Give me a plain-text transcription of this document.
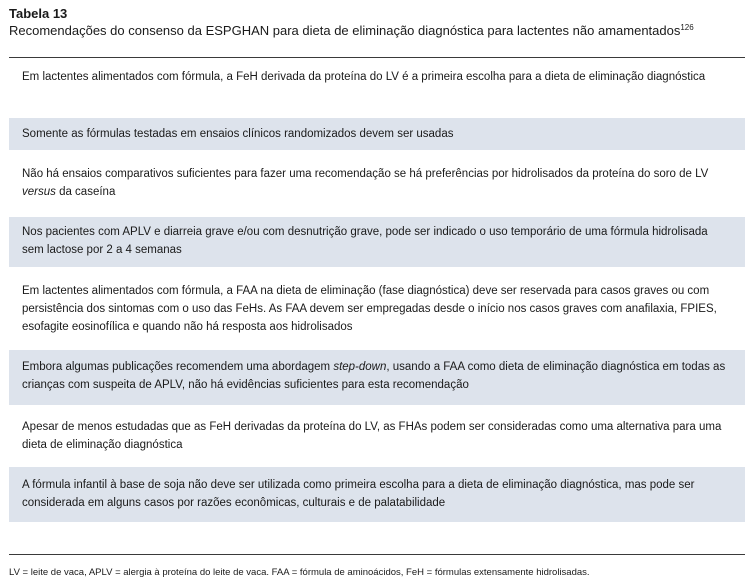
Tabela 13
Recomendações do consenso da ESPGHAN para dieta de eliminação diagnóstica para lactentes não amamentados$^{126}$
Em lactentes alimentados com fórmula, a FeH derivada da proteína do LV é a primeira escolha para a dieta de eliminação diagnóstica
Somente as fórmulas testadas em ensaios clínicos randomizados devem ser usadas
Não há ensaios comparativos suficientes para fazer uma recomendação se há preferências por hidrolisados da proteína do soro de LV versus da caseína
Nos pacientes com APLV e diarreia grave e/ou com desnutrição grave, pode ser indicado o uso temporário de uma fórmula hidrolisada sem lactose por 2 a 4 semanas
Em lactentes alimentados com fórmula, a FAA na dieta de eliminação (fase diagnóstica) deve ser reservada para casos graves ou com persistência dos sintomas com o uso das FeHs. As FAA devem ser empregadas desde o início nos casos graves com anafilaxia, FPIES, esofagite eosinofílica e quando não há resposta aos hidrolisados
Embora algumas publicações recomendem uma abordagem step-down, usando a FAA como dieta de eliminação diagnóstica em todas as crianças com suspeita de APLV, não há evidências suficientes para esta recomendação
Apesar de menos estudadas que as FeH derivadas da proteína do LV, as FHAs podem ser consideradas como uma alternativa para uma dieta de eliminação diagnóstica
A fórmula infantil à base de soja não deve ser utilizada como primeira escolha para a dieta de eliminação diagnóstica, mas pode ser considerada em alguns casos por razões econômicas, culturais e de palatabilidade
LV = leite de vaca, APLV = alergia à proteína do leite de vaca. FAA = fórmula de aminoácidos, FeH = fórmulas extensamente hidrolisadas.
